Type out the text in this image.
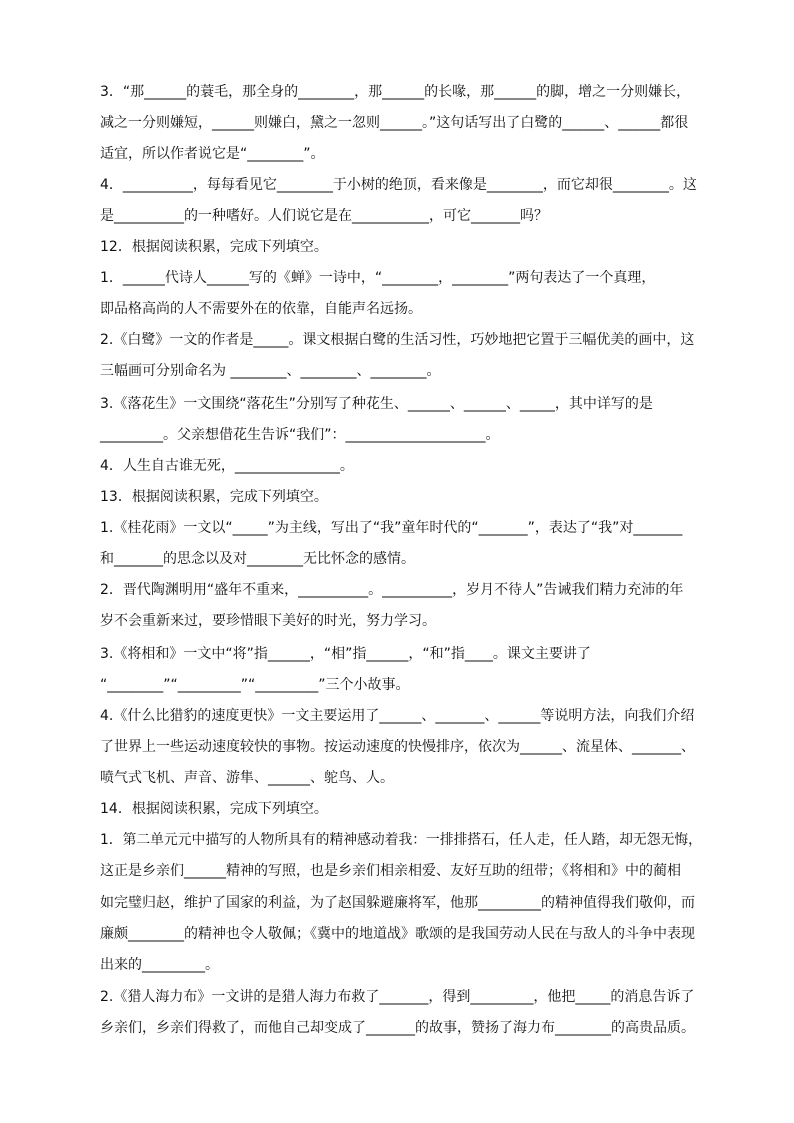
3．“那______的蓑毛，那全身的________，那______的长喙，那______的脚，增之一分则嫌长，
减之一分则嫌短，______则嫌白，黛之一忽则______。”这句话写出了白鹭的______、______都很
适宜，所以作者说它是“________”。
4．__________，每每看见它________于小树的绝顶，看来像是________，而它却很________。这
是__________的一种嗜好。人们说它是在___________，可它_______吗？
12．根据阅读积累，完成下列填空。
1．______代诗人______写的《蝉》一诗中，“________，________”两句表达了一个真理，
即品格高尚的人不需要外在的依靠，自能声名远扬。
2.《白鹭》一文的作者是_____。课文根据白鹭的生活习性，巧妙地把它置于三幅优美的画中，这
三幅画可分别命名为 ________、________、________。
3.《落花生》一文围绕“落花生”分别写了种花生、______、______、_____，其中详写的是
_________。父亲想借花生告诉“我们”：____________________。
4．人生自古谁无死，_______________。
13．根据阅读积累，完成下列填空。
1.《桂花雨》一文以“_____”为主线，写出了“我”童年时代的“_______”，表达了“我”对_______
和_______的思念以及对________无比怀念的感情。
2．晋代陶渊明用“盛年不重来，__________。__________，岁月不待人”告诫我们精力充沛的年
岁不会重新来过，要珍惜眼下美好的时光，努力学习。
3.《将相和》一文中“将”指______，“相”指______，“和”指____。课文主要讲了
“________”“_________”“_________”三个小故事。
4.《什么比猎豹的速度更快》一文主要运用了______、_______、______等说明方法，向我们介绍
了世界上一些运动速度较快的事物。按运动速度的快慢排序，依次为______、流星体、_______、
喷气式飞机、声音、游隼、______、鸵鸟、人。
14．根据阅读积累，完成下列填空。
1．第二单元元中描写的人物所具有的精神感动着我：一排排搭石，任人走，任人踏，却无怨无悔，
这正是乡亲们______精神的写照，也是乡亲们相亲相爱、友好互助的纽带；《将相和》中的蔺相
如完璧归赵，维护了国家的利益，为了赵国躲避廉将军，他那_________的精神值得我们敬仰，而
廉颇________的精神也令人敬佩；《冀中的地道战》歌颂的是我国劳动人民在与敌人的斗争中表现
出来的_________。
2.《猎人海力布》一文讲的是猎人海力布救了_______，得到_________，他把_____的消息告诉了
乡亲们，乡亲们得救了，而他自己却变成了_______的故事，赞扬了海力布________的高贵品质。
